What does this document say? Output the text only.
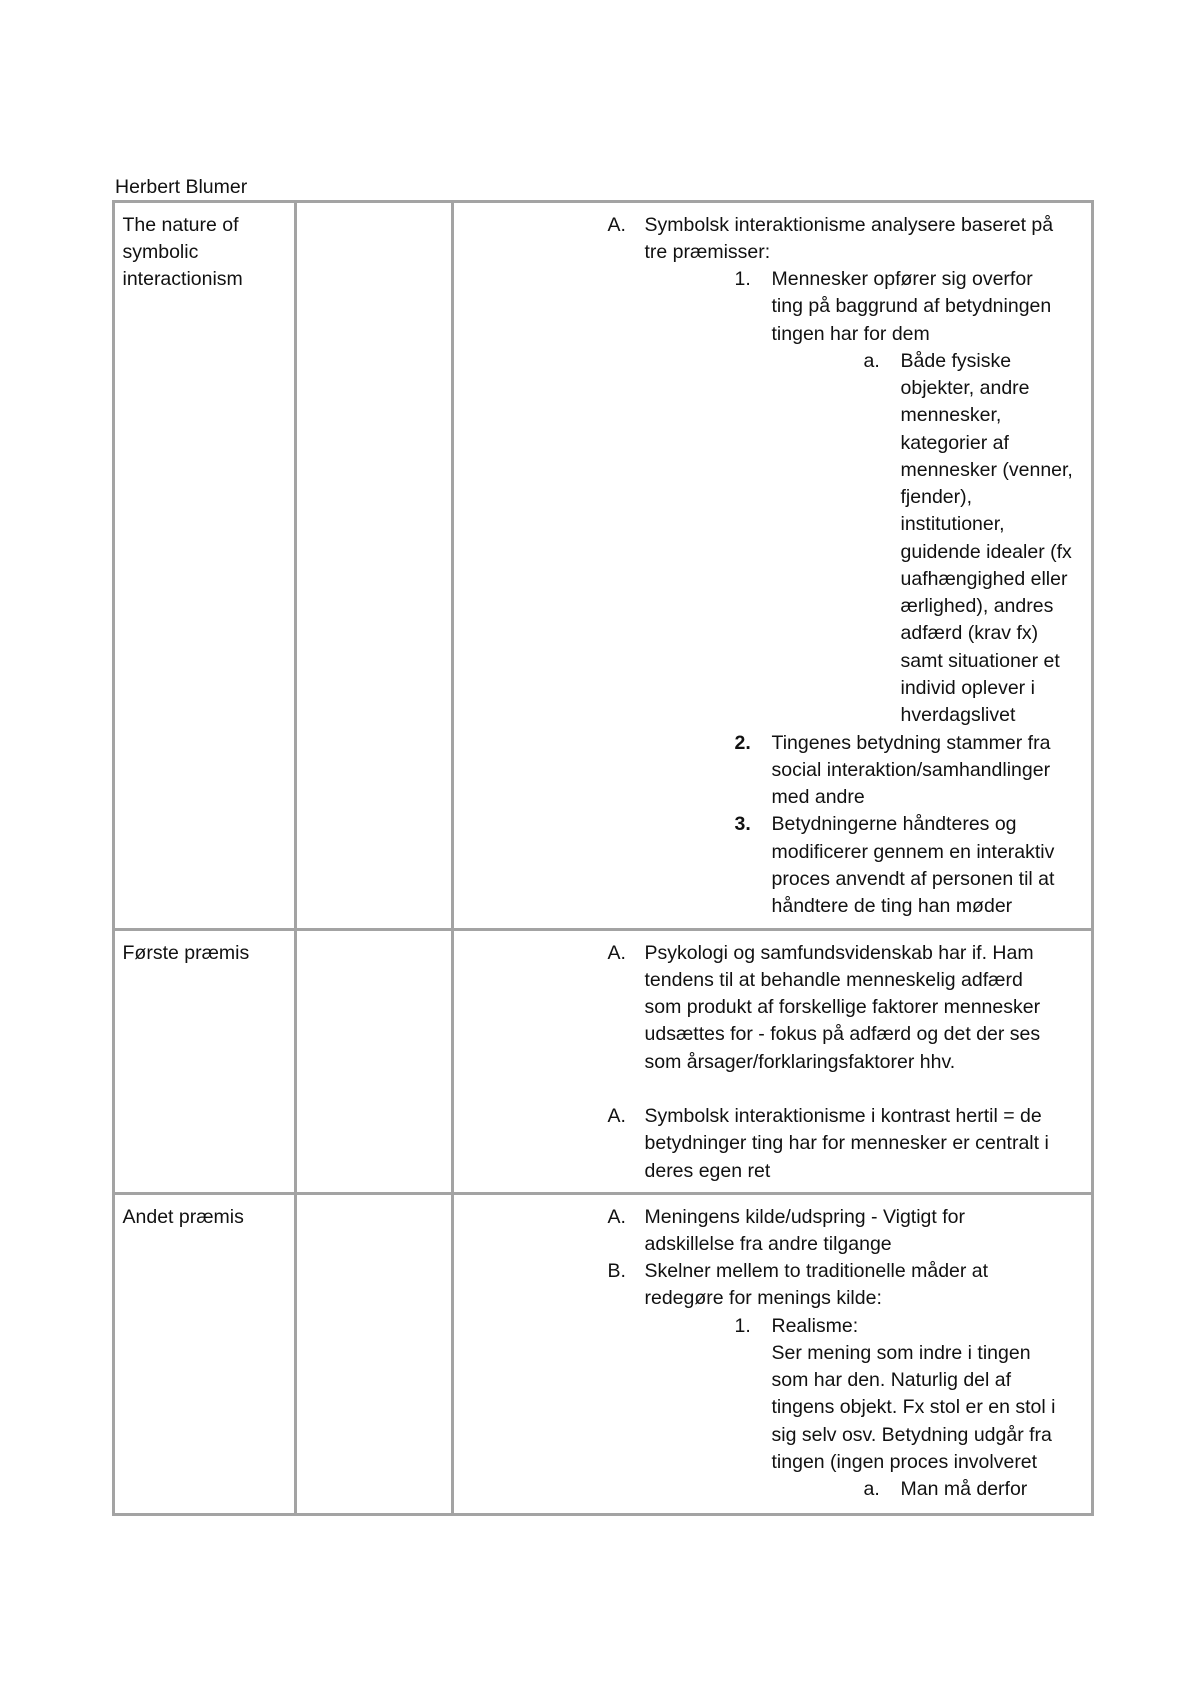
Herbert Blumer
The nature of
symbolic
interactionism
A. Symbolsk interaktionisme analysere baseret på
tre præmisser:
1. Mennesker opfører sig overfor
ting på baggrund af betydningen
tingen har for dem
a. Både fysiske
objekter, andre
mennesker,
kategorier af
mennesker (venner,
fjender),
institutioner,
guidende idealer (fx
uafhængighed eller
ærlighed), andres
adfærd (krav fx)
samt situationer et
individ oplever i
hverdagslivet
2. Tingenes betydning stammer fra
social interaktion/samhandlinger
med andre
3. Betydningerne håndteres og
modificerer gennem en interaktiv
proces anvendt af personen til at
håndtere de ting han møder
Første præmis	A. Psykologi og samfundsvidenskab har if. Ham
tendens til at behandle menneskelig adfærd
som produkt af forskellige faktorer mennesker
udsættes for - fokus på adfærd og det der ses
som årsager/forklaringsfaktorer hhv.
A. Symbolsk interaktionisme i kontrast hertil = de
betydninger ting har for mennesker er centralt i
deres egen ret
Andet præmis	A. Meningens kilde/udspring - Vigtigt for
adskillelse fra andre tilgange
B. Skelner mellem to traditionelle måder at
redegøre for menings kilde:
1. Realisme:
Ser mening som indre i tingen
som har den. Naturlig del af
tingens objekt. Fx stol er en stol i
sig selv osv. Betydning udgår fra
tingen (ingen proces involveret
a. Man må derfor
